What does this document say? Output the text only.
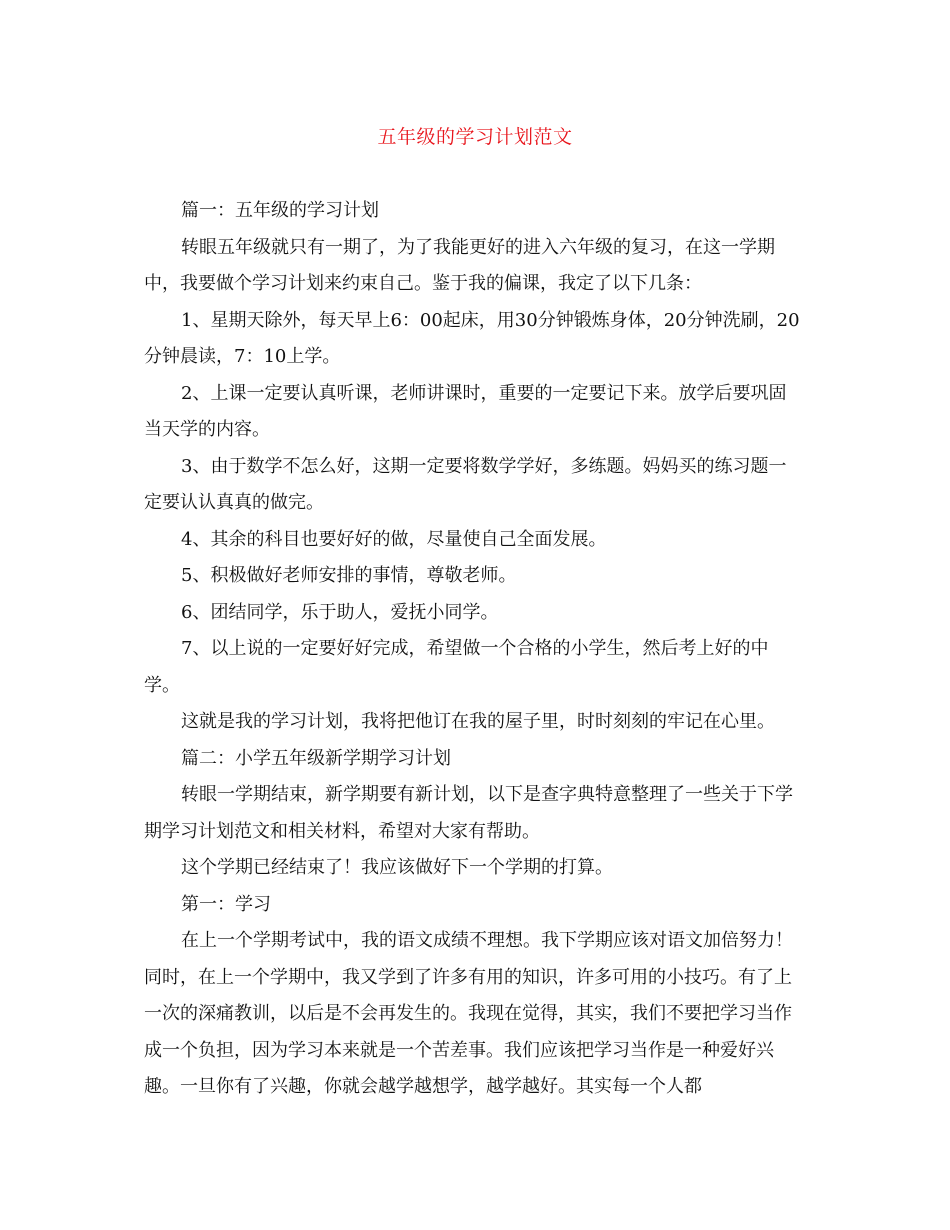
五年级的学习计划范文

篇一：五年级的学习计划

转眼五年级就只有一期了，为了我能更好的进入六年级的复习，在这一学期中，我要做个学习计划来约束自己。鉴于我的偏课，我定了以下几条：

1、星期天除外，每天早上6：00起床，用30分钟锻炼身体，20分钟洗刷，20分钟晨读，7：10上学。

2、上课一定要认真听课，老师讲课时，重要的一定要记下来。放学后要巩固当天学的内容。

3、由于数学不怎么好，这期一定要将数学学好，多练题。妈妈买的练习题一定要认认真真的做完。

4、其余的科目也要好好的做，尽量使自己全面发展。

5、积极做好老师安排的事情，尊敬老师。

6、团结同学，乐于助人，爱抚小同学。

7、以上说的一定要好好完成，希望做一个合格的小学生，然后考上好的中学。

这就是我的学习计划，我将把他订在我的屋子里，时时刻刻的牢记在心里。

篇二：小学五年级新学期学习计划

转眼一学期结束，新学期要有新计划，以下是查字典特意整理了一些关于下学期学习计划范文和相关材料，希望对大家有帮助。

这个学期已经结束了！我应该做好下一个学期的打算。

第一：学习

在上一个学期考试中，我的语文成绩不理想。我下学期应该对语文加倍努力！同时，在上一个学期中，我又学到了许多有用的知识，许多可用的小技巧。有了上一次的深痛教训，以后是不会再发生的。我现在觉得，其实，我们不要把学习当作成一个负担，因为学习本来就是一个苦差事。我们应该把学习当作是一种爱好兴趣。一旦你有了兴趣，你就会越学越想学，越学越好。其实每一个人都
